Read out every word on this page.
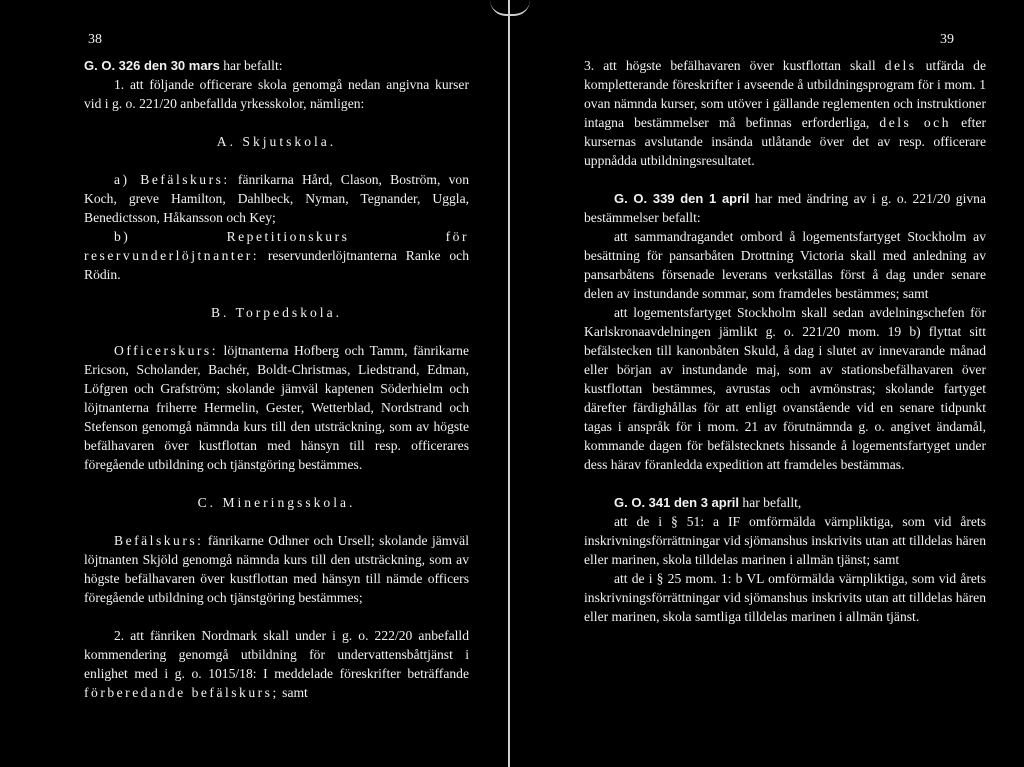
38

G. O. 326 den 30 mars har befallt:

1. att följande officerare skola genomgå nedan angivna kurser vid i g. o. 221/20 anbefallda yrkesskolor, nämligen:

A. Skjutskola.

a) Befälskurs: fänrikarna Hård, Clason, Boström, von Koch, greve Hamilton, Dahlbeck, Nyman, Tegnander, Uggla, Benedictsson, Håkansson och Key;

b) Repetitionskurs för reservunderlöjtnanter: reservunderlöjtnanterna Ranke och Rödin.

B. Torpedskola.

Officerskurs: löjtnanterna Hofberg och Tamm, fänrikarne Ericson, Scholander, Bachér, Boldt-Christmas, Liedstrand, Edman, Löfgren och Grafström; skolande jämväl kaptenen Söderhielm och löjtnanterna friherre Hermelin, Gester, Wetterblad, Nordstrand och Stefenson genomgå nämnda kurs till den utsträckning, som av högste befälhavaren över kustflottan med hänsyn till resp. officerares föregående utbildning och tjänstgöring bestämmes.

C. Mineringsskola.

Befälskurs: fänrikarne Odhner och Ursell; skolande jämväl löjtnanten Skjöld genomgå nämnda kurs till den utsträckning, som av högste befälhavaren över kustflottan med hänsyn till nämde officers föregående utbildning och tjänstgöring bestämmes;

2. att fänriken Nordmark skall under i g. o. 222/20 anbefalld kommendering genomgå utbildning för undervattensbåttjänst i enlighet med i g. o. 1015/18: I meddelade föreskrifter beträffande förberedande befälskurs; samt

39

3. att högste befälhavaren över kustflottan skall dels utfärda de kompletterande föreskrifter i avseende å utbildningsprogram för i mom. 1 ovan nämnda kurser, som utöver i gällande reglementen och instruktioner intagna bestämmelser må befinnas erforderliga, dels och efter kursernas avslutande insända utlåtande över det av resp. officerare uppnådda utbildningsresultatet.

G. O. 339 den 1 april har med ändring av i g. o. 221/20 givna bestämmelser befallt:

att sammandragandet ombord å logementsfartyget Stockholm av besättning för pansarbåten Drottning Victoria skall med anledning av pansarbåtens försenade leverans verkställas först å dag under senare delen av instundande sommar, som framdeles bestämmes; samt

att logementsfartyget Stockholm skall sedan avdelningschefen för Karlskronaavdelningen jämlikt g. o. 221/20 mom. 19 b) flyttat sitt befälstecken till kanonbåten Skuld, å dag i slutet av innevarande månad eller början av instundande maj, som av stationsbefälhavaren över kustflottan bestämmes, avrustas och avmönstras; skolande fartyget därefter färdighållas för att enligt ovanstående vid en senare tidpunkt tagas i anspråk för i mom. 21 av förutnämnda g. o. angivet ändamål, kommande dagen för befälstecknets hissande å logementsfartyget under dess härav föranledda expedition att framdeles bestämmas.

G. O. 341 den 3 april har befallt,

att de i § 51: a IF omförmälda värnpliktiga, som vid årets inskrivningsförrättningar vid sjömanshus inskrivits utan att tilldelas hären eller marinen, skola tilldelas marinen i allmän tjänst; samt

att de i § 25 mom. 1: b VL omförmälda värnpliktiga, som vid årets inskrivningsförrättningar vid sjömanshus inskrivits utan att tilldelas hären eller marinen, skola samtliga tilldelas marinen i allmän tjänst.
